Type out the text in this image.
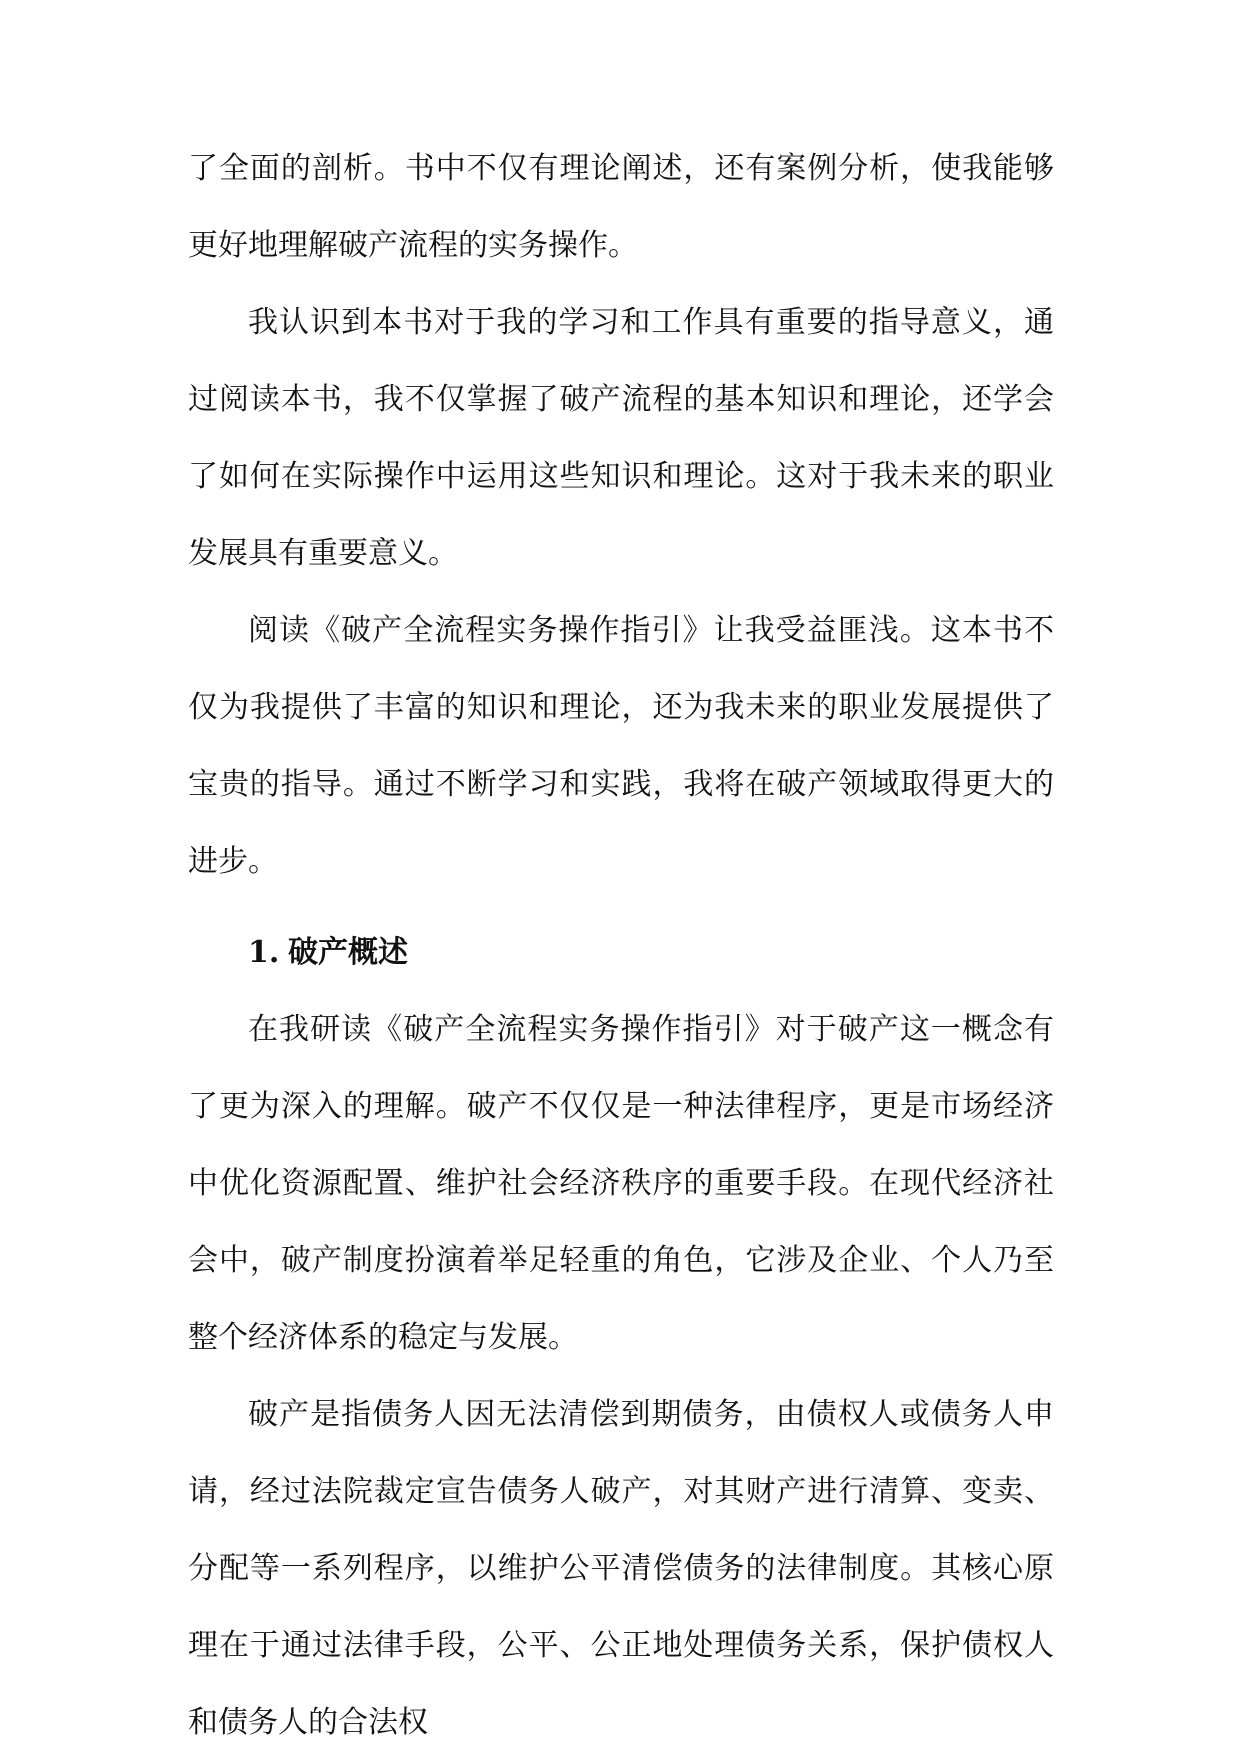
了全面的剖析。书中不仅有理论阐述，还有案例分析，使我能够更好地理解破产流程的实务操作。

我认识到本书对于我的学习和工作具有重要的指导意义，通过阅读本书，我不仅掌握了破产流程的基本知识和理论，还学会了如何在实际操作中运用这些知识和理论。这对于我未来的职业发展具有重要意义。

阅读《破产全流程实务操作指引》让我受益匪浅。这本书不仅为我提供了丰富的知识和理论，还为我未来的职业发展提供了宝贵的指导。通过不断学习和实践，我将在破产领域取得更大的进步。

1. 破产概述

在我研读《破产全流程实务操作指引》对于破产这一概念有了更为深入的理解。破产不仅仅是一种法律程序，更是市场经济中优化资源配置、维护社会经济秩序的重要手段。在现代经济社会中，破产制度扮演着举足轻重的角色，它涉及企业、个人乃至整个经济体系的稳定与发展。

破产是指债务人因无法清偿到期债务，由债权人或债务人申请，经过法院裁定宣告债务人破产，对其财产进行清算、变卖、分配等一系列程序，以维护公平清偿债务的法律制度。其核心原理在于通过法律手段，公平、公正地处理债务关系，保护债权人和债务人的合法权
